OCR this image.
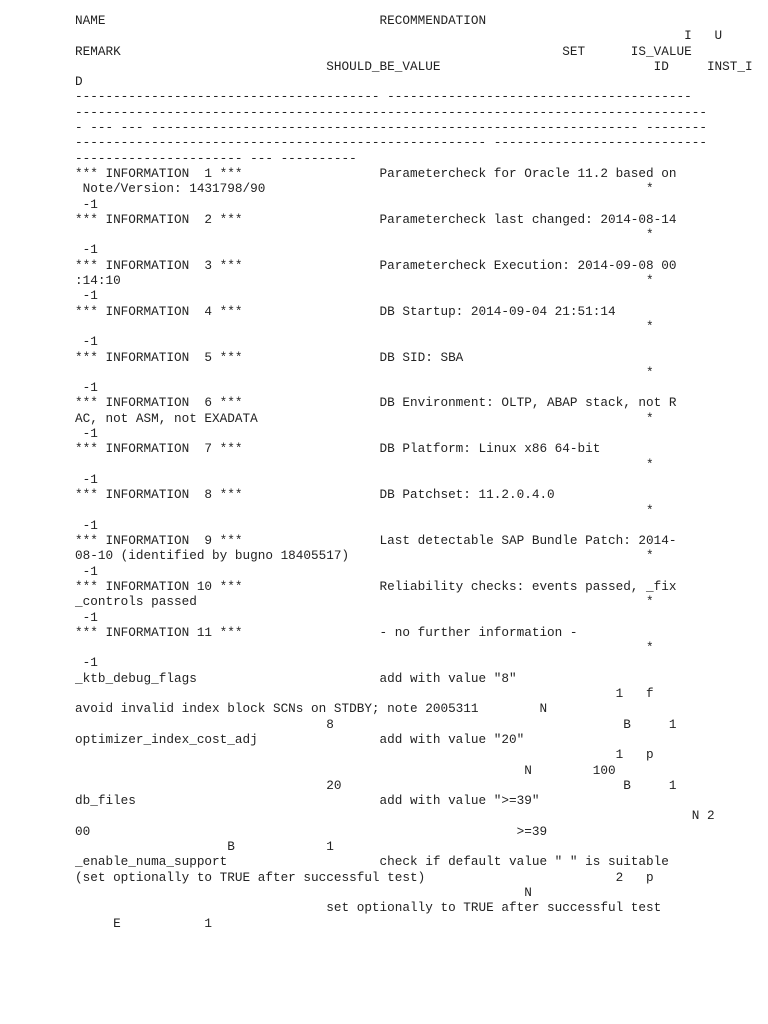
NAME                                    RECOMMENDATION
I   U
REMARK                                                          SET      IS_VALUE
SHOULD_BE_VALUE                            ID     INST_I
D
---------------------------------------- ----------------------------------------
-----------------------------------------------------------------------------------
- --- --- ---------------------------------------------------------------- --------
------------------------------------------------------ ----------------------------
---------------------- --- ----------
*** INFORMATION  1 ***                  Parametercheck for Oracle 11.2 based on
Note/Version: 1431798/90                                                  *
-1
*** INFORMATION  2 ***                  Parametercheck last changed: 2014-08-14
*
-1
*** INFORMATION  3 ***                  Parametercheck Execution: 2014-09-08 00
:14:10                                                                     *
-1
*** INFORMATION  4 ***                  DB Startup: 2014-09-04 21:51:14
*
-1
*** INFORMATION  5 ***                  DB SID: SBA
*
-1
*** INFORMATION  6 ***                  DB Environment: OLTP, ABAP stack, not R
AC, not ASM, not EXADATA                                                   *
-1
*** INFORMATION  7 ***                  DB Platform: Linux x86 64-bit
*
-1
*** INFORMATION  8 ***                  DB Patchset: 11.2.0.4.0
*
-1
*** INFORMATION  9 ***                  Last detectable SAP Bundle Patch: 2014-
08-10 (identified by bugno 18405517)                                       *
-1
*** INFORMATION 10 ***                  Reliability checks: events passed, _fix
_controls passed                                                           *
-1
*** INFORMATION 11 ***                  - no further information -
*
-1
_ktb_debug_flags                        add with value "8"
1   f
avoid invalid index block SCNs on STDBY; note 2005311        N
8                                      B     1
optimizer_index_cost_adj                add with value "20"
1   p
N        100
20                                     B     1
db_files                                add with value ">=39"
N 2
00                                                        >=39
B            1
_enable_numa_support                    check if default value " " is suitable
(set optionally to TRUE after successful test)                         2   p
N
set optionally to TRUE after successful test
E           1
